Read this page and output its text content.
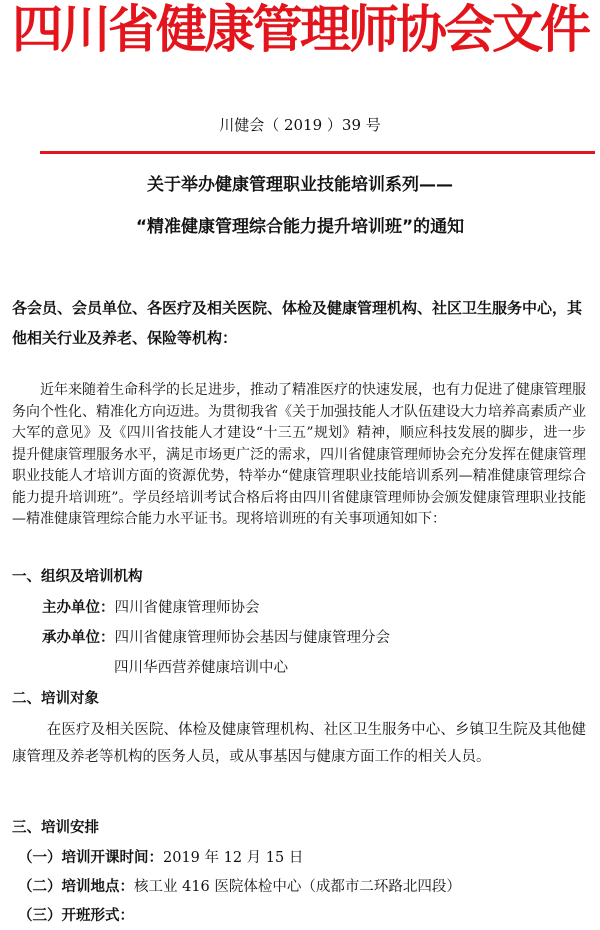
四川省健康管理师协会文件
川健会（ 2019 ）39 号
关于举办健康管理职业技能培训系列——
“精准健康管理综合能力提升培训班”的通知

各会员、会员单位、各医疗及相关医院、体检及健康管理机构、社区卫生服务中心，其他相关行业及养老、保险等机构：

近年来随着生命科学的长足进步，推动了精准医疗的快速发展，也有力促进了健康管理服务向个性化、精准化方向迈进。为贯彻我省《关于加强技能人才队伍建设大力培养高素质产业大军的意见》及《四川省技能人才建设“十三五”规划》精神，顺应科技发展的脚步，进一步提升健康管理服务水平，满足市场更广泛的需求，四川省健康管理师协会充分发挥在健康管理职业技能人才培训方面的资源优势，特举办“健康管理职业技能培训系列—精准健康管理综合能力提升培训班”。学员经培训考试合格后将由四川省健康管理师协会颁发健康管理职业技能—精准健康管理综合能力水平证书。现将培训班的有关事项通知如下：

一、组织及培训机构
主办单位：四川省健康管理师协会
承办单位：四川省健康管理师协会基因与健康管理分会
四川华西营养健康培训中心
二、培训对象

在医疗及相关医院、体检及健康管理机构、社区卫生服务中心、乡镇卫生院及其他健康管理及养老等机构的医务人员，或从事基因与健康方面工作的相关人员。

三、培训安排
（一）培训开课时间：2019 年 12 月 15 日
（二）培训地点：核工业 416 医院体检中心（成都市二环路北四段）
（三）开班形式：
